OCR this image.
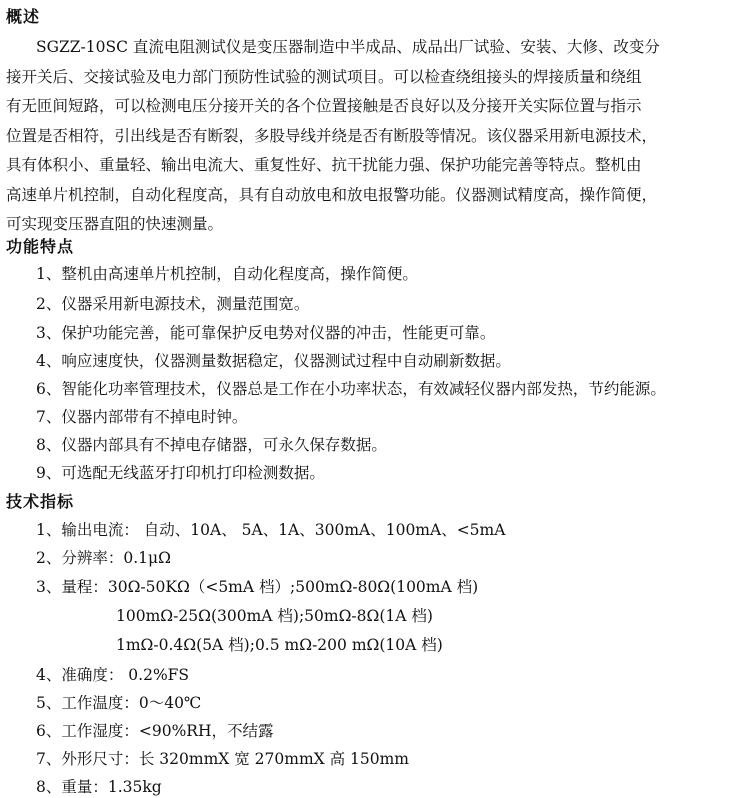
概述
SGZZ-10SC 直流电阻测试仪是变压器制造中半成品、成品出厂试验、安装、大修、改变分
接开关后、交接试验及电力部门预防性试验的测试项目。可以检查绕组接头的焊接质量和绕组
有无匝间短路，可以检测电压分接开关的各个位置接触是否良好以及分接开关实际位置与指示
位置是否相符，引出线是否有断裂，多股导线并绕是否有断股等情况。该仪器采用新电源技术，
具有体积小、重量轻、输出电流大、重复性好、抗干扰能力强、保护功能完善等特点。整机由
高速单片机控制，自动化程度高，具有自动放电和放电报警功能。仪器测试精度高，操作简便，
可实现变压器直阻的快速测量。
功能特点
1、整机由高速单片机控制，自动化程度高，操作简便。
2、仪器采用新电源技术，测量范围宽。
3、保护功能完善，能可靠保护反电势对仪器的冲击，性能更可靠。
4、响应速度快，仪器测量数据稳定，仪器测试过程中自动刷新数据。
6、智能化功率管理技术，仪器总是工作在小功率状态，有效减轻仪器内部发热，节约能源。
7、仪器内部带有不掉电时钟。
8、仪器内部具有不掉电存储器，可永久保存数据。
9、可选配无线蓝牙打印机打印检测数据。
技术指标
1、输出电流： 自动、10A、 5A、1A、300mA、100mA、<5mA
2、分辨率：0.1μΩ
3、量程：30Ω-50KΩ（<5mA 档）;500mΩ-80Ω(100mA 档)
100mΩ-25Ω(300mA 档);50mΩ-8Ω(1A 档)
1mΩ-0.4Ω(5A 档);0.5 mΩ-200 mΩ(10A 档)
4、准确度： 0.2%FS
5、工作温度：0～40℃
6、工作湿度：<90%RH，不结露
7、外形尺寸：长 320mmX 宽 270mmX 高 150mm
8、重量：1.35kg
